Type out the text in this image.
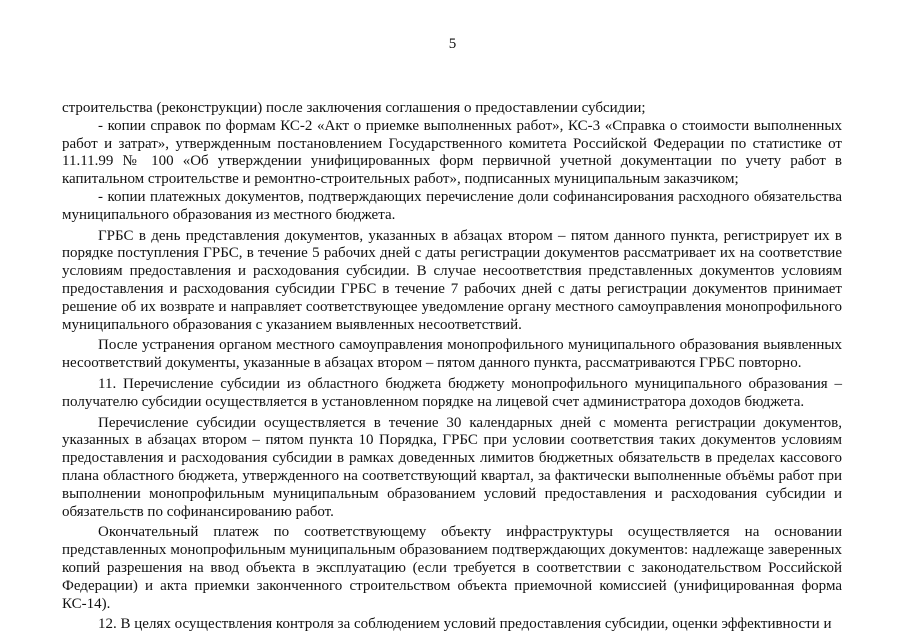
5

строительства (реконструкции) после заключения соглашения о предоставлении субсидии;

- копии справок по формам КС-2 «Акт о приемке выполненных работ», КС-3 «Справка о стоимости выполненных работ и затрат», утвержденным постановлением Государственного комитета Российской Федерации по статистике от 11.11.99 № 100 «Об утверждении унифицированных форм первичной учетной документации по учету работ в капитальном строительстве и ремонтно-строительных работ», подписанных муниципальным заказчиком;

- копии платежных документов, подтверждающих перечисление доли софинансирования расходного обязательства муниципального образования из местного бюджета.

ГРБС в день представления документов, указанных в абзацах втором – пятом данного пункта, регистрирует их в порядке поступления ГРБС, в течение 5 рабочих дней с даты регистрации документов рассматривает их на соответствие условиям предоставления и расходования субсидии. В случае несоответствия представленных документов условиям предоставления и расходования субсидии ГРБС в течение 7 рабочих дней с даты регистрации документов принимает решение об их возврате и направляет соответствующее уведомление органу местного самоуправления монопрофильного муниципального образования с указанием выявленных несоответствий.

После устранения органом местного самоуправления монопрофильного муниципального образования выявленных несоответствий документы, указанные в абзацах втором – пятом данного пункта, рассматриваются ГРБС повторно.

11. Перечисление субсидии из областного бюджета бюджету монопрофильного муниципального образования – получателю субсидии осуществляется в установленном порядке на лицевой счет администратора доходов бюджета.

Перечисление субсидии осуществляется в течение 30 календарных дней с момента регистрации документов, указанных в абзацах втором – пятом пункта 10 Порядка, ГРБС при условии соответствия таких документов условиям предоставления и расходования субсидии в рамках доведенных лимитов бюджетных обязательств в пределах кассового плана областного бюджета, утвержденного на соответствующий квартал, за фактически выполненные объёмы работ при выполнении монопрофильным муниципальным образованием условий предоставления и расходования субсидии и обязательств по софинансированию работ.

Окончательный платеж по соответствующему объекту инфраструктуры осуществляется на основании представленных монопрофильным муниципальным образованием подтверждающих документов: надлежаще заверенных копий разрешения на ввод объекта в эксплуатацию (если требуется в соответствии с законодательством Российской Федерации) и акта приемки законченного строительством объекта приемочной комиссией (унифицированная форма КС-14).

12. В целях осуществления контроля за соблюдением условий предоставления субсидии, оценки эффективности и
